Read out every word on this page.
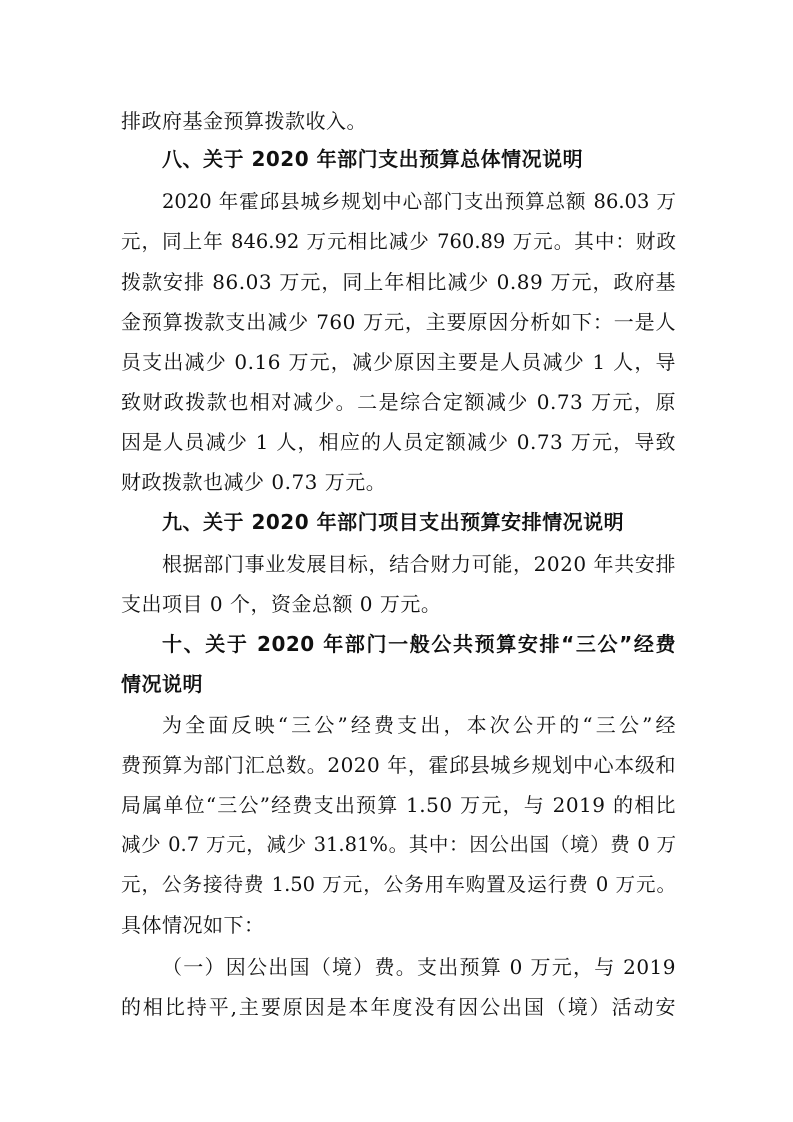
排政府基金预算拨款收入。
八、关于 2020 年部门支出预算总体情况说明
2020 年霍邱县城乡规划中心部门支出预算总额 86.03 万
元，同上年 846.92 万元相比减少 760.89 万元。其中：财政
拨款安排 86.03 万元，同上年相比减少 0.89 万元，政府基
金预算拨款支出减少 760 万元，主要原因分析如下：一是人
员支出减少 0.16 万元，减少原因主要是人员减少 1 人，导
致财政拨款也相对减少。二是综合定额减少 0.73 万元，原
因是人员减少 1 人，相应的人员定额减少 0.73 万元，导致
财政拨款也减少 0.73 万元。
九、关于 2020 年部门项目支出预算安排情况说明
根据部门事业发展目标，结合财力可能，2020 年共安排
支出项目 0 个，资金总额 0 万元。
十、关于 2020 年部门一般公共预算安排“三公”经费
情况说明
为全面反映“三公”经费支出，本次公开的“三公”经
费预算为部门汇总数。2020 年，霍邱县城乡规划中心本级和
局属单位“三公”经费支出预算 1.50 万元，与 2019 的相比
减少 0.7 万元，减少 31.81%。其中：因公出国（境）费 0 万
元，公务接待费 1.50 万元，公务用车购置及运行费 0 万元。
具体情况如下：
（一）因公出国（境）费。支出预算 0 万元，与 2019
的相比持平,主要原因是本年度没有因公出国（境）活动安
